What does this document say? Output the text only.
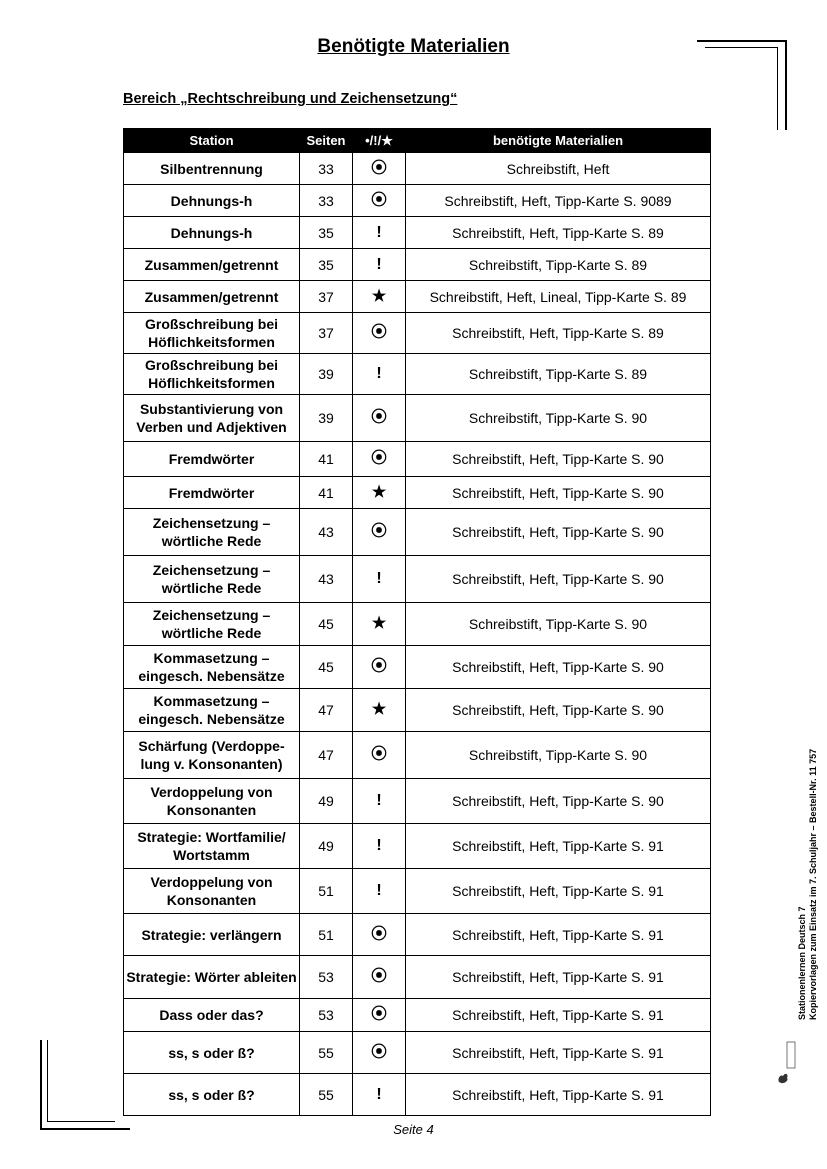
Benötigte Materialien
Bereich „Rechtschreibung und Zeichensetzung“
Station	Seiten	•/!/★	benötigte Materialien
Silbentrennung	33	⦿	Schreibstift, Heft
Dehnungs-h	33	⦿	Schreibstift, Heft, Tipp-Karte S. 9089
Dehnungs-h	35	!	Schreibstift, Heft, Tipp-Karte S. 89
Zusammen/getrennt	35	!	Schreibstift, Tipp-Karte S. 89
Zusammen/getrennt	37	★	Schreibstift, Heft, Lineal, Tipp-Karte S. 89
Großschreibung bei Höflichkeitsformen	37	⦿	Schreibstift, Heft, Tipp-Karte S. 89
Großschreibung bei Höflichkeitsformen	39	!	Schreibstift, Tipp-Karte S. 89
Substantivierung von Verben und Adjektiven	39	⦿	Schreibstift, Tipp-Karte S. 90
Fremdwörter	41	⦿	Schreibstift, Heft, Tipp-Karte S. 90
Fremdwörter	41	★	Schreibstift, Heft, Tipp-Karte S. 90
Zeichensetzung – wörtliche Rede	43	⦿	Schreibstift, Heft, Tipp-Karte S. 90
Zeichensetzung – wörtliche Rede	43	!	Schreibstift, Heft, Tipp-Karte S. 90
Zeichensetzung – wörtliche Rede	45	★	Schreibstift, Tipp-Karte S. 90
Kommasetzung – eingesch. Nebensätze	45	⦿	Schreibstift, Heft, Tipp-Karte S. 90
Kommasetzung – eingesch. Nebensätze	47	★	Schreibstift, Heft, Tipp-Karte S. 90
Schärfung (Verdoppe-lung v. Konsonanten)	47	⦿	Schreibstift, Tipp-Karte S. 90
Verdoppelung von Konsonanten	49	!	Schreibstift, Heft, Tipp-Karte S. 90
Strategie: Wortfamilie/ Wortstamm	49	!	Schreibstift, Heft, Tipp-Karte S. 91
Verdoppelung von Konsonanten	51	!	Schreibstift, Heft, Tipp-Karte S. 91
Strategie: verlängern	51	⦿	Schreibstift, Heft, Tipp-Karte S. 91
Strategie: Wörter ableiten	53	⦿	Schreibstift, Heft, Tipp-Karte S. 91
Dass oder das?	53	⦿	Schreibstift, Heft, Tipp-Karte S. 91
ss, s oder ß?	55	⦿	Schreibstift, Heft, Tipp-Karte S. 91
ss, s oder ß?	55	!	Schreibstift, Heft, Tipp-Karte S. 91
Seite 4
Stationenlernen Deutsch 7 Kopiervorlagen zum Einsatz im 7. Schuljahr – Bestell-Nr. 11 757
